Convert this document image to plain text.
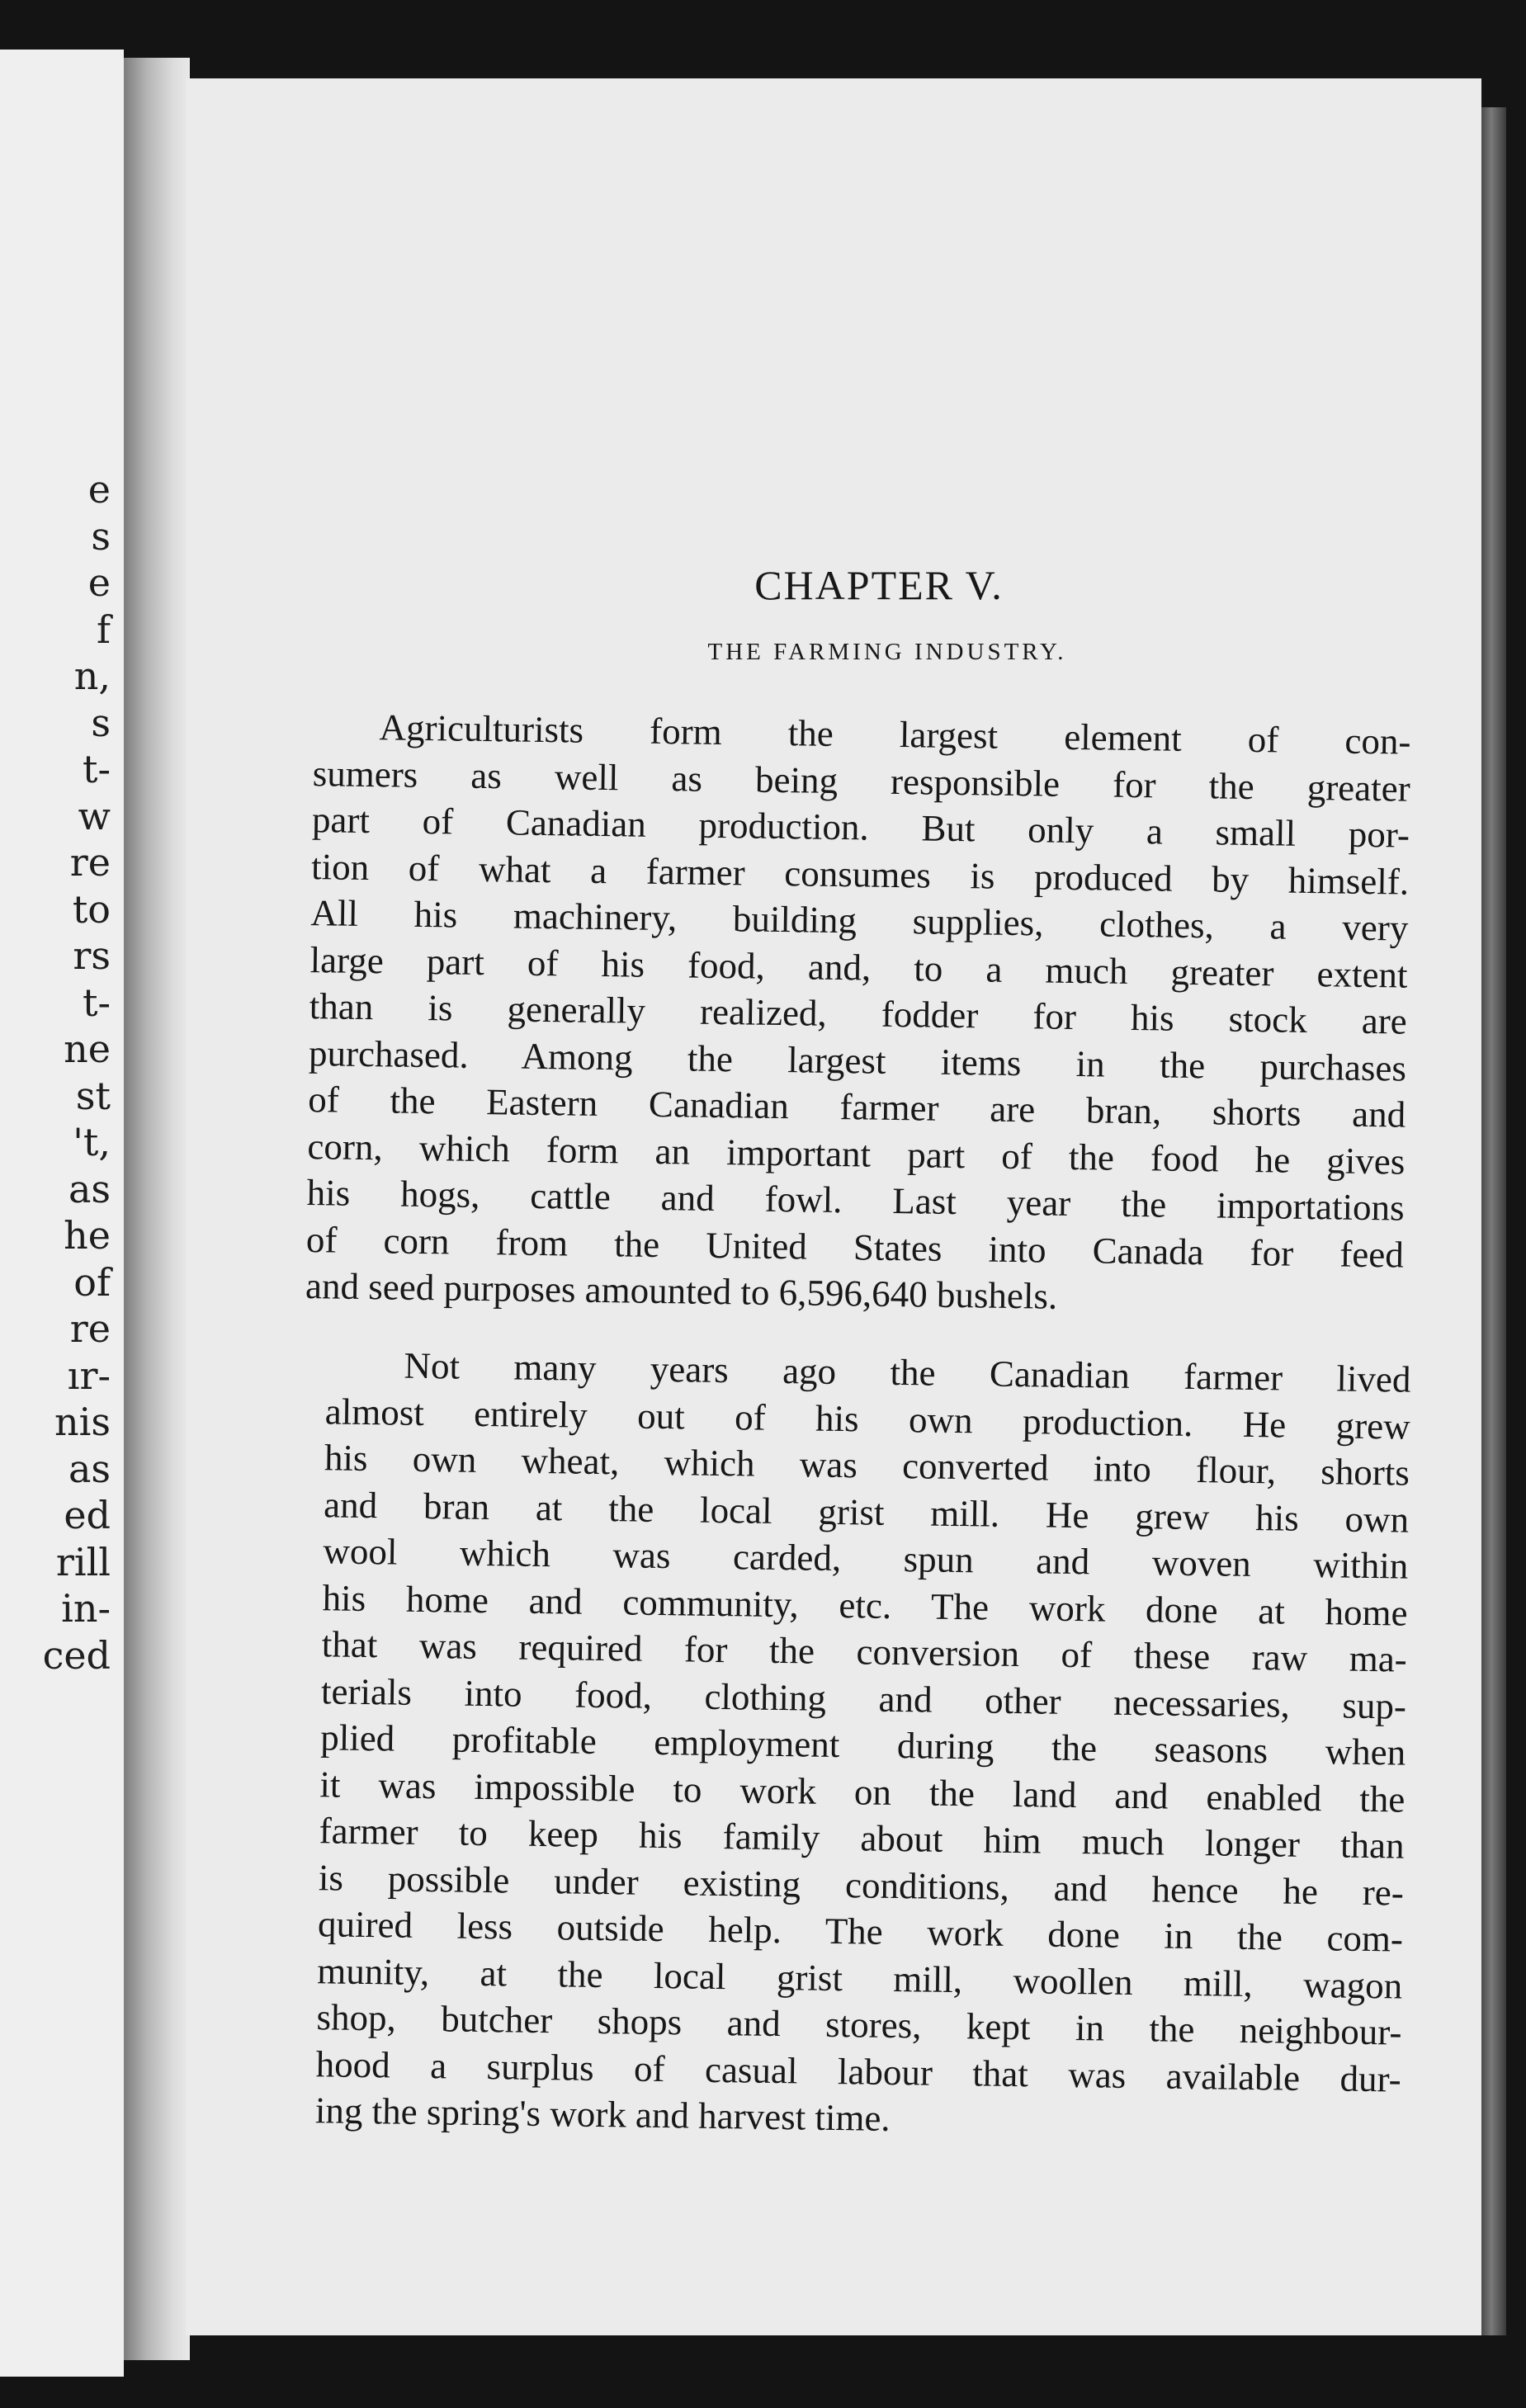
e
s
e
f
n,
s
t-
w
re
to
rs
t-
ne
st
't,
as
he
of
re
ır-
nis
as
ed
rill
in-
ced
CHAPTER V.
THE FARMING INDUSTRY.
Agriculturists form the largest element of con-
sumers as well as being responsible for the greater
part of Canadian production. But only a small por-
tion of what a farmer consumes is produced by himself.
All his machinery, building supplies, clothes, a very
large part of his food, and, to a much greater extent
than is generally realized, fodder for his stock are
purchased. Among the largest items in the purchases
of the Eastern Canadian farmer are bran, shorts and
corn, which form an important part of the food he gives
his hogs, cattle and fowl. Last year the importations
of corn from the United States into Canada for feed
and seed purposes amounted to 6,596,640 bushels.
Not many years ago the Canadian farmer lived
almost entirely out of his own production. He grew
his own wheat, which was converted into flour, shorts
and bran at the local grist mill. He grew his own
wool which was carded, spun and woven within
his home and community, etc. The work done at home
that was required for the conversion of these raw ma-
terials into food, clothing and other necessaries, sup-
plied profitable employment during the seasons when
it was impossible to work on the land and enabled the
farmer to keep his family about him much longer than
is possible under existing conditions, and hence he re-
quired less outside help. The work done in the com-
munity, at the local grist mill, woollen mill, wagon
shop, butcher shops and stores, kept in the neighbour-
hood a surplus of casual labour that was available dur-
ing the spring's work and harvest time.
